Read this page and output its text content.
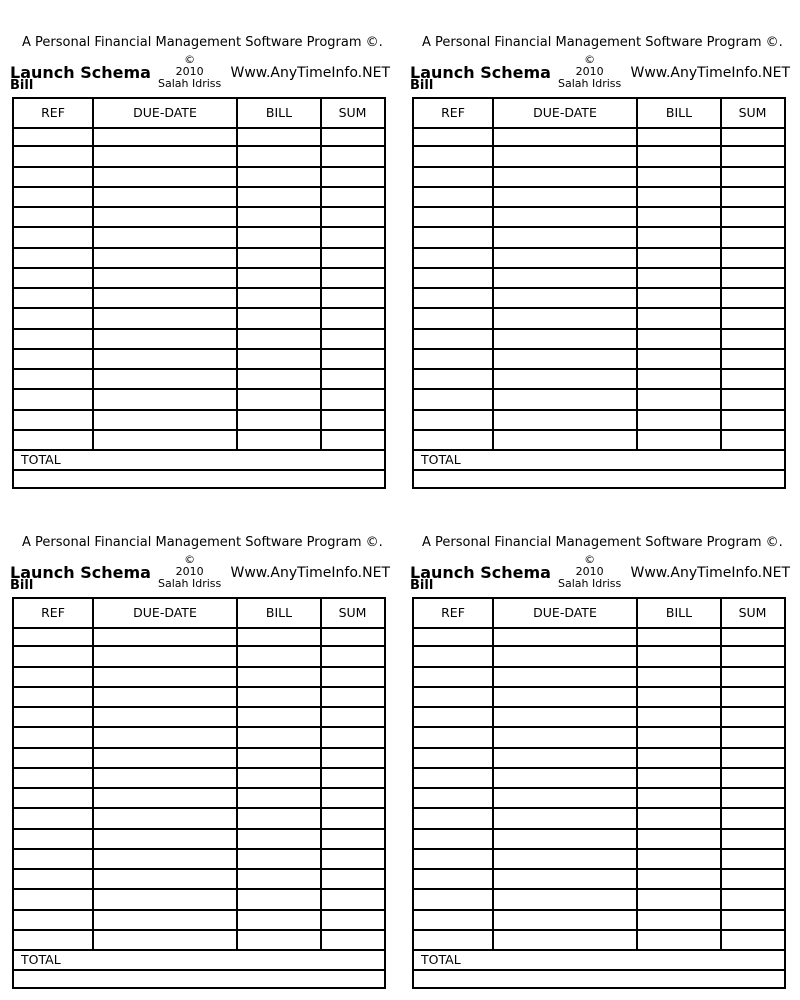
A Personal Financial Management Software Program ©.
Launch Schema
Bill
©
2010
Salah Idriss
Www.AnyTimeInfo.NET
REF	DUE-DATE	BILL	SUM
TOTAL
A Personal Financial Management Software Program ©.
Launch Schema
Bill
©
2010
Salah Idriss
Www.AnyTimeInfo.NET
REF	DUE-DATE	BILL	SUM
TOTAL
A Personal Financial Management Software Program ©.
Launch Schema
Bill
©
2010
Salah Idriss
Www.AnyTimeInfo.NET
REF	DUE-DATE	BILL	SUM
TOTAL
A Personal Financial Management Software Program ©.
Launch Schema
Bill
©
2010
Salah Idriss
Www.AnyTimeInfo.NET
REF	DUE-DATE	BILL	SUM
TOTAL
